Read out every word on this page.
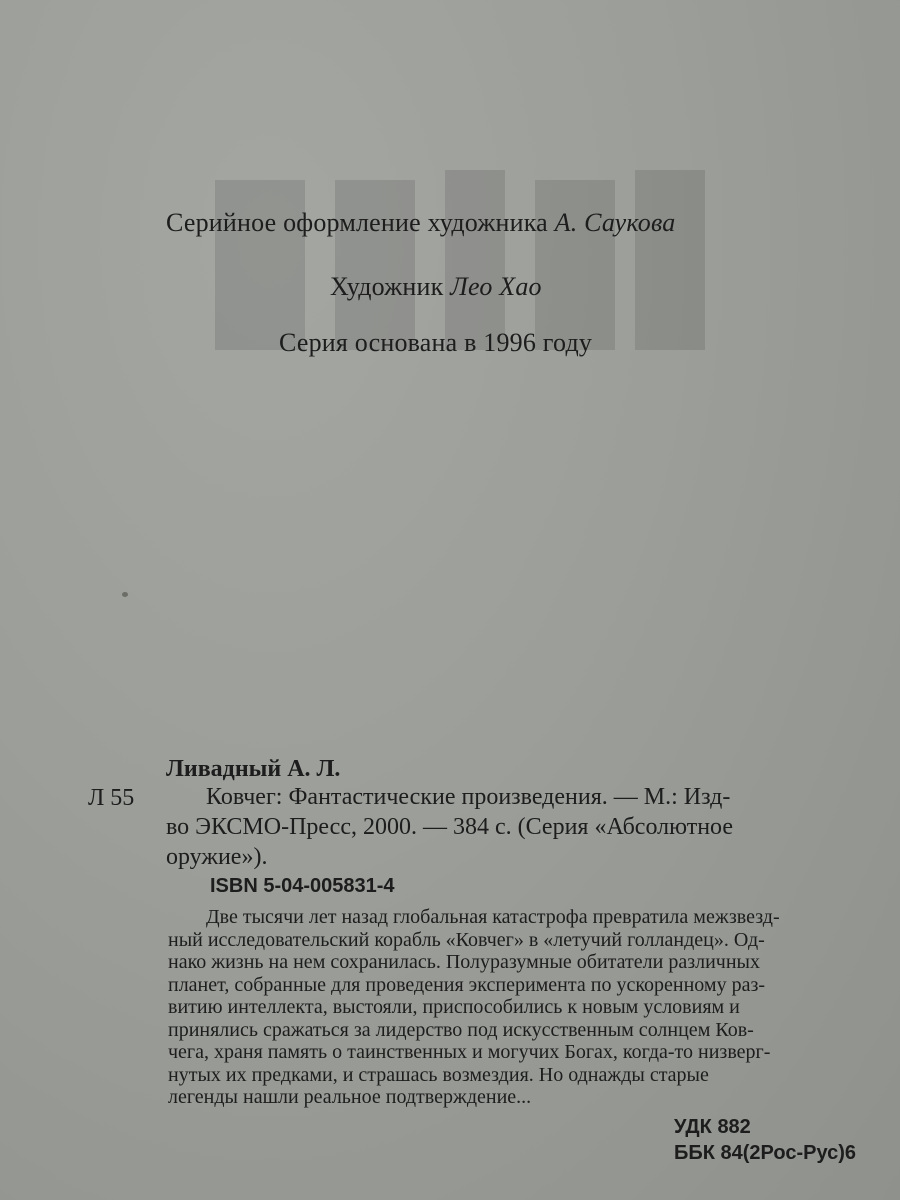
Серийное оформление художника А. Саукова
Художник Лео Хао
Серия основана в 1996 году
Ливадный А. Л.
Л 55	Ковчег: Фантастические произведения. — М.: Изд-
во ЭКСМО-Пресс, 2000. — 384 с. (Серия «Абсолютное
оружие»).
ISBN 5-04-005831-4
Две тысячи лет назад глобальная катастрофа превратила межзвезд-
ный исследовательский корабль «Ковчег» в «летучий голландец». Од-
нако жизнь на нем сохранилась. Полуразумные обитатели различных
планет, собранные для проведения эксперимента по ускоренному раз-
витию интеллекта, выстояли, приспособились к новым условиям и
принялись сражаться за лидерство под искусственным солнцем Ков-
чега, храня память о таинственных и могучих Богах, когда-то низверг-
нутых их предками, и страшась возмездия. Но однажды старые
легенды нашли реальное подтверждение...
УДК 882
ББК 84(2Рос-Рус)6
